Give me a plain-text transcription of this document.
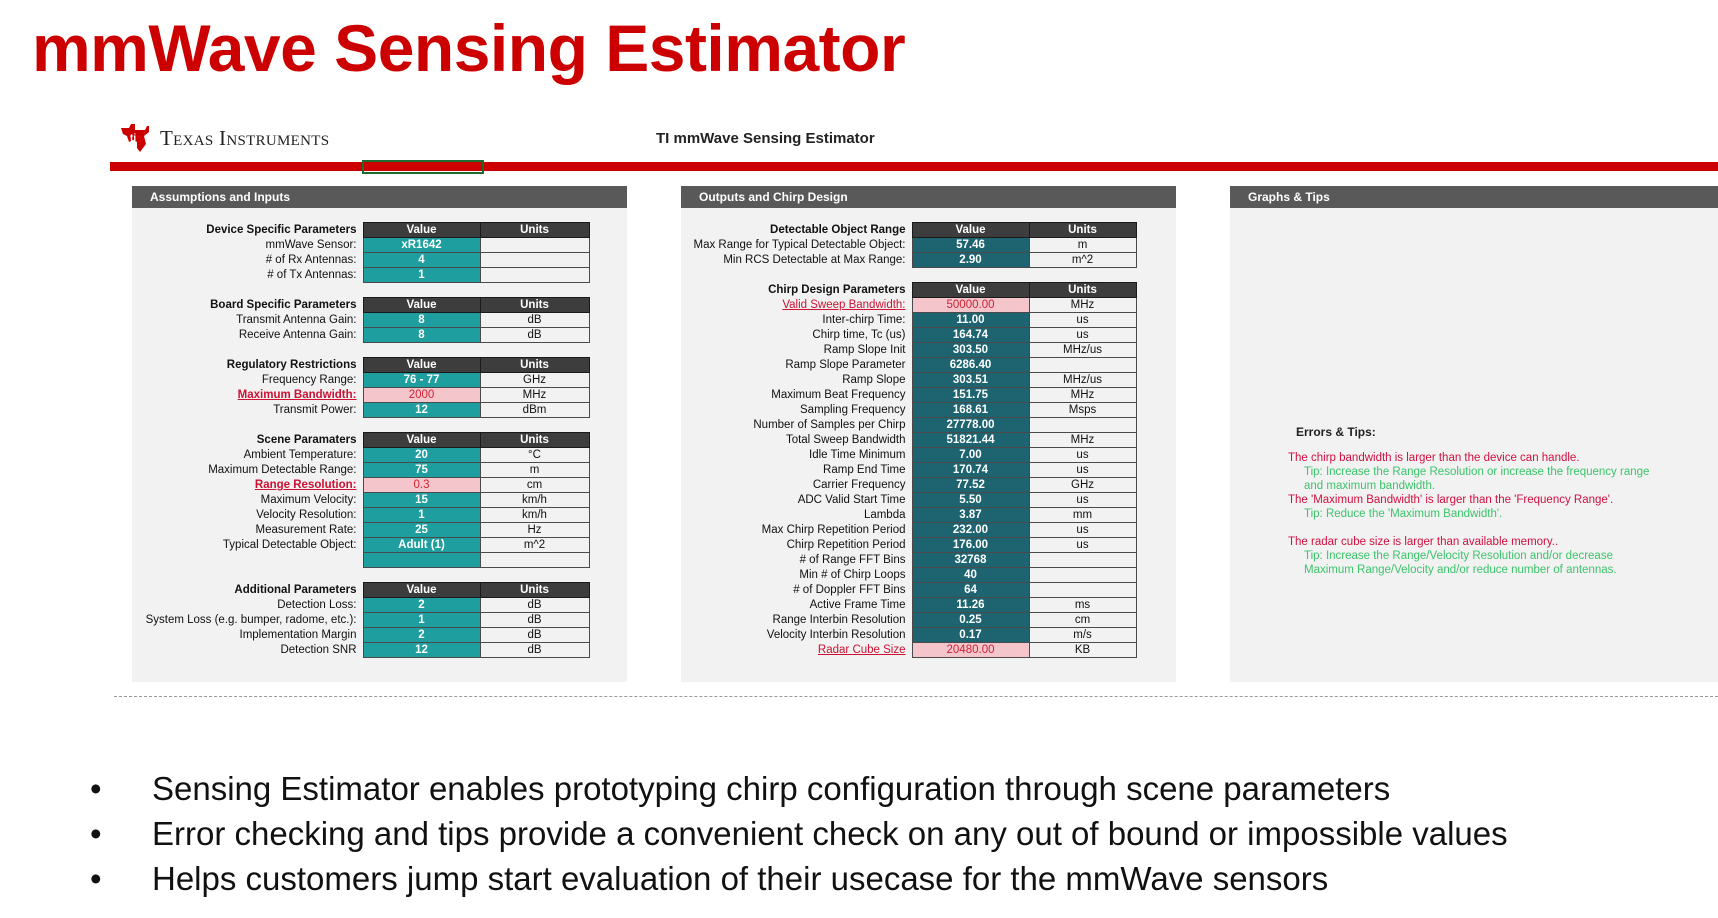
mmWave Sensing Estimator
ti Texas Instruments	TI mmWave Sensing Estimator
Assumptions and Inputs
Device Specific Parameters	Value	Units
mmWave Sensor:	xR1642	
# of Rx Antennas:	4	
# of Tx Antennas:	1	

Board Specific Parameters	Value	Units
Transmit Antenna Gain:	8	dB
Receive Antenna Gain:	8	dB

Regulatory Restrictions	Value	Units
Frequency Range:	76 - 77	GHz
Maximum Bandwidth:	2000	MHz
Transmit Power:	12	dBm

Scene Paramaters	Value	Units
Ambient Temperature:	20	°C
Maximum Detectable Range:	75	m
Range Resolution:	0.3	cm
Maximum Velocity:	15	km/h
Velocity Resolution:	1	km/h
Measurement Rate:	25	Hz
Typical Detectable Object:	Adult (1)	m^2

Additional Parameters	Value	Units
Detection Loss:	2	dB
System Loss (e.g. bumper, radome, etc.):	1	dB
Implementation Margin	2	dB
Detection SNR	12	dB
Outputs and Chirp Design
Detectable Object Range	Value	Units
Max Range for Typical Detectable Object:	57.46	m
Min RCS Detectable at Max Range:	2.90	m^2

Chirp Design Parameters	Value	Units
Valid Sweep Bandwidth:	50000.00	MHz
Inter-chirp Time:	11.00	us
Chirp time, Tc (us)	164.74	us
Ramp Slope Init	303.50	MHz/us
Ramp Slope Parameter	6286.40	
Ramp Slope	303.51	MHz/us
Maximum Beat Frequency	151.75	MHz
Sampling Frequency	168.61	Msps
Number of Samples per Chirp	27778.00	
Total Sweep Bandwidth	51821.44	MHz
Idle Time Minimum	7.00	us
Ramp End Time	170.74	us
Carrier Frequency	77.52	GHz
ADC Valid Start Time	5.50	us
Lambda	3.87	mm
Max Chirp Repetition Period	232.00	us
Chirp Repetition Period	176.00	us
# of Range FFT Bins	32768	
Min # of Chirp Loops	40	
# of Doppler FFT Bins	64	
Active Frame Time	11.26	ms
Range Interbin Resolution	0.25	cm
Velocity Interbin Resolution	0.17	m/s
Radar Cube Size	20480.00	KB
Graphs & Tips
Errors & Tips:
The chirp bandwidth is larger than the device can handle.
Tip: Increase the Range Resolution or increase the frequency range
and maximum bandwidth.
The 'Maximum Bandwidth' is larger than the 'Frequency Range'.
Tip: Reduce the 'Maximum Bandwidth'.
The radar cube size is larger than available memory..
Tip: Increase the Range/Velocity Resolution and/or decrease
Maximum Range/Velocity and/or reduce number of antennas.
•	Sensing Estimator enables prototyping chirp configuration through scene parameters
•	Error checking and tips provide a convenient check on any out of bound or impossible values
•	Helps customers jump start evaluation of their usecase for the mmWave sensors
